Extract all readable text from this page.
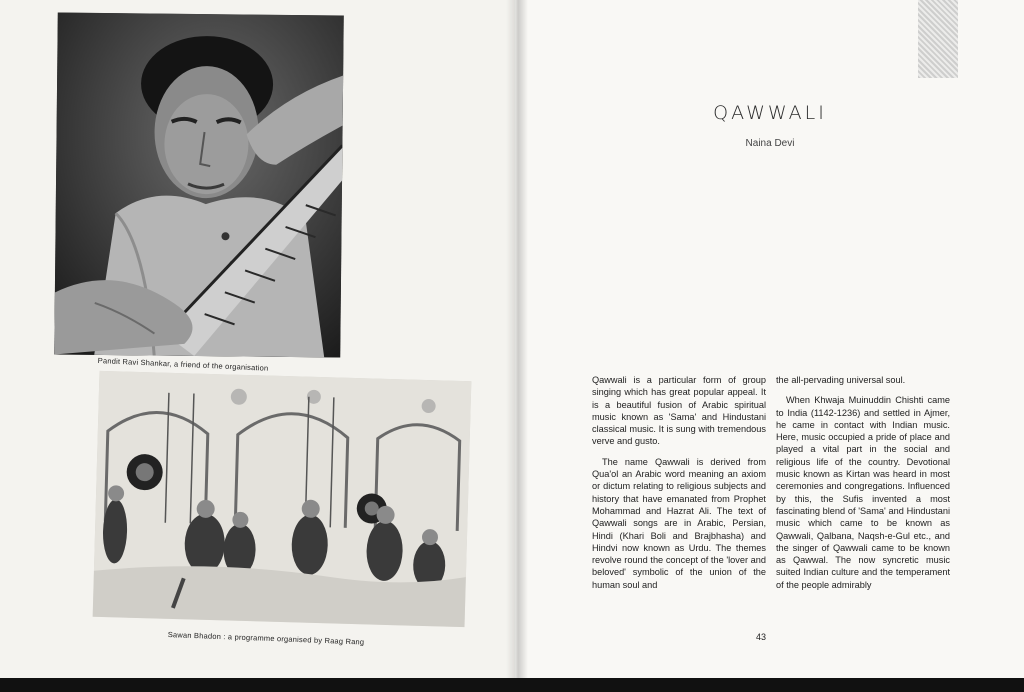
Pandit Ravi Shankar, a friend of the organisation
Sawan Bhadon : a programme organised by Raag Rang
QAWWALI
Naina Devi

Qawwali is a particular form of group singing which has great popular appeal. It is a beautiful fusion of Arabic spiritual music known as 'Sama' and Hindustani classical music. It is sung with tremendous verve and gusto.

The name Qawwali is derived from Qua'ol an Arabic word meaning an axiom or dictum relating to religious subjects and history that have emanated from Prophet Mohammad and Hazrat Ali. The text of Qawwali songs are in Arabic, Persian, Hindi (Khari Boli and Brajbhasha) and Hindvi now known as Urdu. The themes revolve round the concept of the 'lover and beloved' symbolic of the union of the human soul and

the all-pervading universal soul.

When Khwaja Muinuddin Chishti came to India (1142-1236) and settled in Ajmer, he came in contact with Indian music. Here, music occupied a pride of place and played a vital part in the social and religious life of the country. Devotional music known as Kirtan was heard in most ceremonies and congregations. Influenced by this, the Sufis invented a most fascinating blend of 'Sama' and Hindustani music which came to be known as Qawwali, Qalbana, Naqsh-e-Gul etc., and the singer of Qawwali came to be known as Qawwal. The now syncretic music suited Indian culture and the temperament of the people admirably

43
